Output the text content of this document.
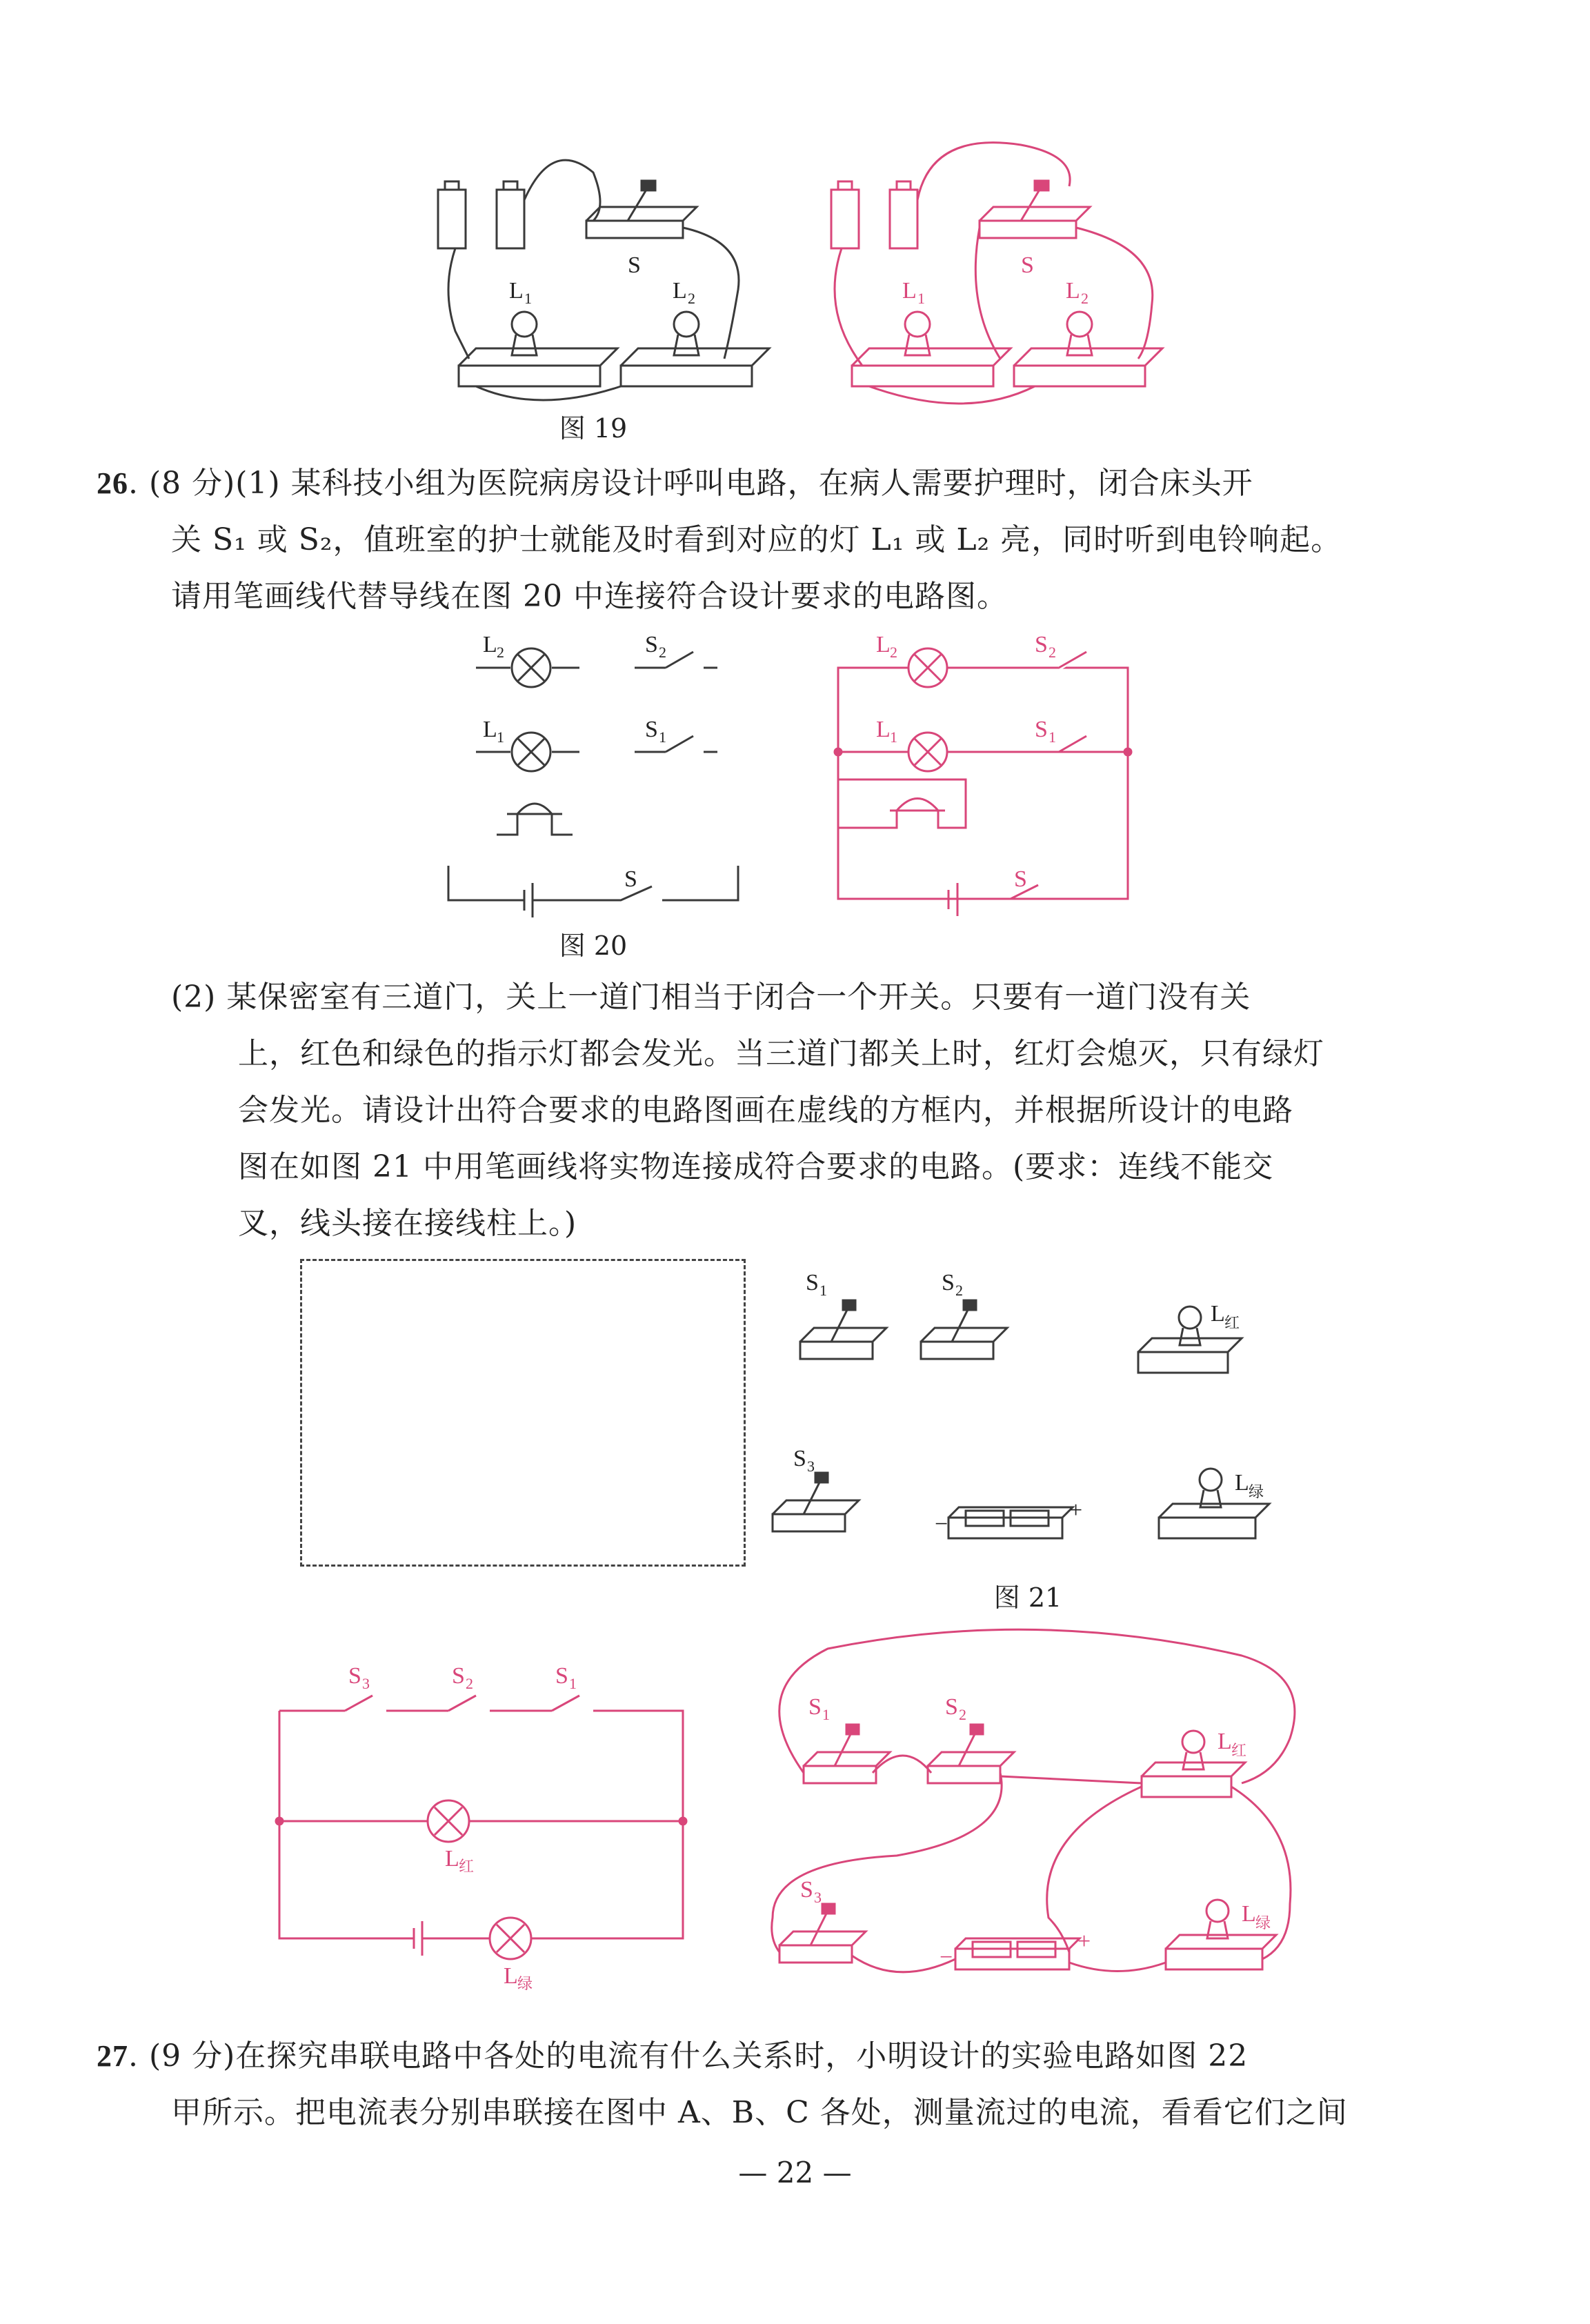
L 1	L 2
S
L 1	L 2
S
图 19
26. (8 分)(1) 某科技小组为医院病房设计呼叫电路，在病人需要护理时，闭合床头开
关 S₁ 或 S₂，值班室的护士就能及时看到对应的灯 L₁ 或 L₂ 亮，同时听到电铃响起。
请用笔画线代替导线在图 20 中连接符合设计要求的电路图。
L 2	S 2
L 1	S 1
S
L 2	S 2
L 1	S 1
S
图 20
(2) 某保密室有三道门，关上一道门相当于闭合一个开关。只要有一道门没有关
上，红色和绿色的指示灯都会发光。当三道门都关上时，红灯会熄灭，只有绿灯
会发光。请设计出符合要求的电路图画在虚线的方框内，并根据所设计的电路
图在如图 21 中用笔画线将实物连接成符合要求的电路。(要求：连线不能交
叉，线头接在接线柱上。)
S 1	S 2
L 红
S 3
−
+
L 绿
图 21
S 3	S 2	S 1
L 红
L 绿
S 1	S 2
L 红
S 3
−
+
L 绿
27. (9 分)在探究串联电路中各处的电流有什么关系时，小明设计的实验电路如图 22
甲所示。把电流表分别串联接在图中 A、B、C 各处，测量流过的电流，看看它们之间
— 22 —
